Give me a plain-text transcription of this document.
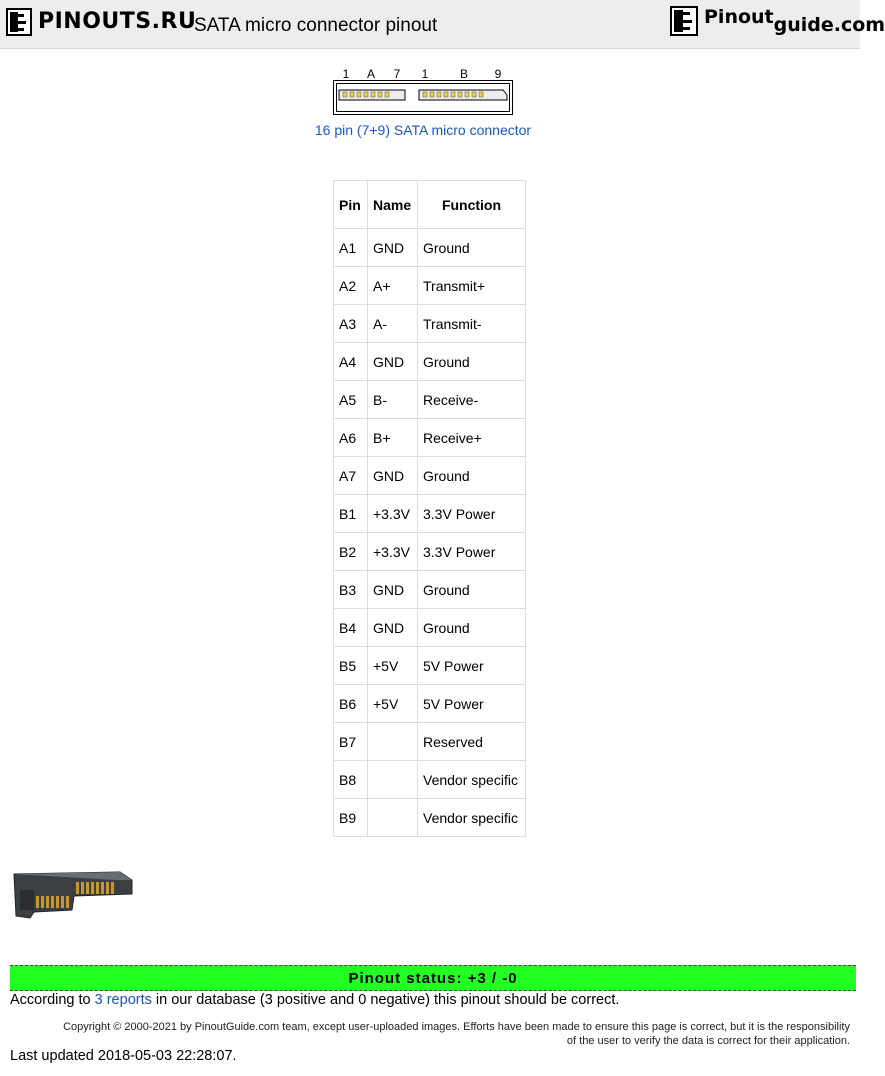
PINOUTS.RU
SATA micro connector pinout	Pinout guide.com
1 A 7 1	B 9
16 pin (7+9) SATA micro connector
Pin	Name	Function
A1	GND	Ground
A2	A+	Transmit+
A3	A-	Transmit-
A4	GND	Ground
A5	B-	Receive-
A6	B+	Receive+
A7	GND	Ground
B1	+3.3V	3.3V Power
B2	+3.3V	3.3V Power
B3	GND	Ground
B4	GND	Ground
B5	+5V	5V Power
B6	+5V	5V Power
B7		Reserved
B8		Vendor specific
B9		Vendor specific
Pinout status: +3 / -0
According to 3 reports in our database (3 positive and 0 negative) this pinout should be correct.
Copyright © 2000-2021 by PinoutGuide.com team, except user-uploaded images. Efforts have been made to ensure this page is correct, but it is the responsibility of the user to verify the data is correct for their application.
Last updated 2018-05-03 22:28:07.
